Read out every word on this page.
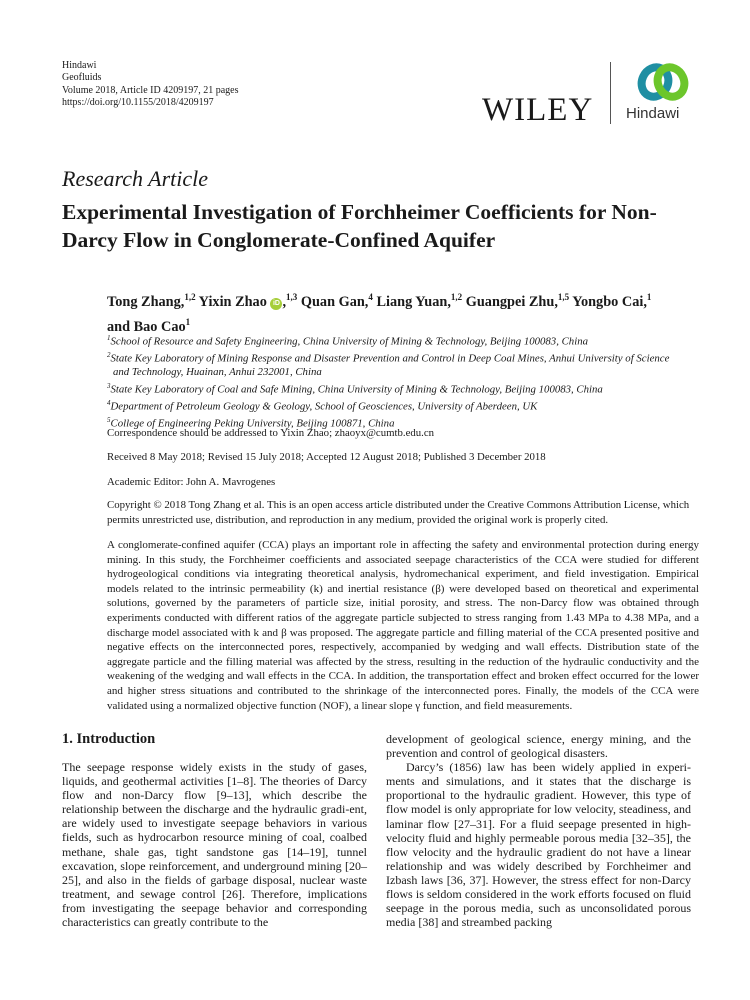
Hindawi
Geofluids
Volume 2018, Article ID 4209197, 21 pages
https://doi.org/10.1155/2018/4209197	WILEY Hindawi
Research Article
Experimental Investigation of Forchheimer Coefficients for Non-Darcy Flow in Conglomerate-Confined Aquifer
Tong Zhang,$^{1,2}$ Yixin Zhao iD ,$^{1,3}$ Quan Gan,$^4$ Liang Yuan,$^{1,2}$ Guangpei Zhu,$^{1,5}$ Yongbo Cai,$^1$
and Bao Cao$^1$
$^1$School of Resource and Safety Engineering, China University of Mining & Technology, Beijing 100083, China
$^2$State Key Laboratory of Mining Response and Disaster Prevention and Control in Deep Coal Mines, Anhui University of Science
and Technology, Huainan, Anhui 232001, China
$^3$State Key Laboratory of Coal and Safe Mining, China University of Mining & Technology, Beijing 100083, China
$^4$Department of Petroleum Geology & Geology, School of Geosciences, University of Aberdeen, UK
$^5$College of Engineering Peking University, Beijing 100871, China
Correspondence should be addressed to Yixin Zhao; zhaoyx@cumtb.edu.cn
Received 8 May 2018; Revised 15 July 2018; Accepted 12 August 2018; Published 3 December 2018
Academic Editor: John A. Mavrogenes
Copyright © 2018 Tong Zhang et al. This is an open access article distributed under the Creative Commons Attribution License, which permits unrestricted use, distribution, and reproduction in any medium, provided the original work is properly cited.
A conglomerate-confined aquifer (CCA) plays an important role in affecting the safety and environmental protection during energy mining. In this study, the Forchheimer coefficients and associated seepage characteristics of the CCA were studied for different hydrogeological conditions via integrating theoretical analysis, hydromechanical experiment, and field investigation. Empirical models related to the intrinsic permeability (k) and inertial resistance (β) were developed based on theoretical and experimental solutions, governed by the parameters of particle size, initial porosity, and stress. The non-Darcy flow was obtained through experiments conducted with different ratios of the aggregate particle subjected to stress ranging from 1.43 MPa to 4.38 MPa, and a discharge model associated with k and β was proposed. The aggregate particle and filling material of the CCA presented positive and negative effects on the interconnected pores, respectively, accompanied by wedging and wall effects. Distribution state of the aggregate particle and the filling material was affected by the stress, resulting in the reduction of the hydraulic conductivity and the weakening of the wedging and wall effects in the CCA. In addition, the transportation effect and broken effect occurred for the lower and higher stress situations and contributed to the shrinkage of the interconnected pores. Finally, the models of the CCA were validated using a normalized objective function (NOF), a linear slope γ function, and field measurements.
1. Introduction

The seepage response widely exists in the study of gases, liquids, and geothermal activities [1–8]. The theories of Darcy flow and non-Darcy flow [9–13], which describe the relationship between the discharge and the hydraulic gradi-ent, are widely used to investigate seepage behaviors in various fields, such as hydrocarbon resource mining of coal, coalbed methane, shale gas, tight sandstone gas [14–19], tunnel excavation, slope reinforcement, and underground mining [20–25], and also in the fields of garbage disposal, nuclear waste treatment, and sewage control [26]. Therefore, implications from investigating the seepage behavior and corresponding characteristics can greatly contribute to the

development of geological science, energy mining, and the prevention and control of geological disasters.

Darcy’s (1856) law has been widely applied in experi-ments and simulations, and it states that the discharge is proportional to the hydraulic gradient. However, this type of flow model is only appropriate for low velocity, steadiness, and laminar flow [27–31]. For a fluid seepage presented in high-velocity fluid and highly permeable porous media [32–35], the flow velocity and the hydraulic gradient do not have a linear relationship and was widely described by Forchheimer and Izbash laws [36, 37]. However, the stress effect for non-Darcy flows is seldom considered in the work efforts focused on fluid seepage in the porous media, such as unconsolidated porous media [38] and streambed packing
